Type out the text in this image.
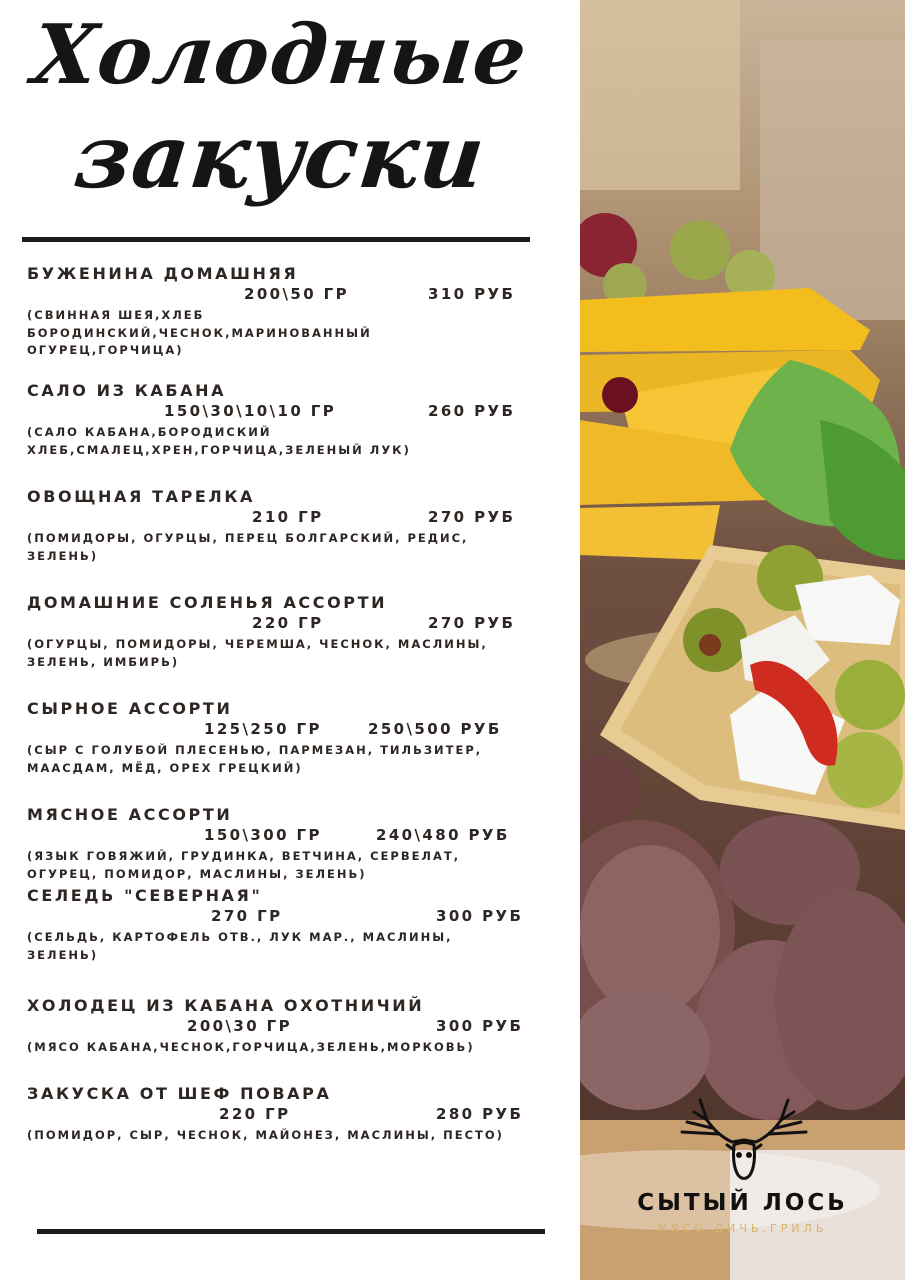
Холодные
закуски
БУЖЕНИНА ДОМАШНЯЯ
200\50 ГР	310 РУБ
(СВИННАЯ ШЕЯ,ХЛЕБ БОРОДИНСКИЙ,ЧЕСНОК,МАРИНОВАННЫЙ ОГУРЕЦ,ГОРЧИЦА)
САЛО ИЗ КАБАНА
150\30\10\10 ГР	260 РУБ
(САЛО КАБАНА,БОРОДИСКИЙ ХЛЕБ,СМАЛЕЦ,ХРЕН,ГОРЧИЦА,ЗЕЛЕНЫЙ ЛУК)
ОВОЩНАЯ ТАРЕЛКА
210 ГР	270 РУБ
(ПОМИДОРЫ, ОГУРЦЫ, ПЕРЕЦ БОЛГАРСКИЙ, РЕДИС, ЗЕЛЕНЬ)
ДОМАШНИЕ СОЛЕНЬЯ АССОРТИ
220 ГР	270 РУБ
(ОГУРЦЫ, ПОМИДОРЫ, ЧЕРЕМША, ЧЕСНОК, МАСЛИНЫ, ЗЕЛЕНЬ, ИМБИРЬ)
СЫРНОЕ АССОРТИ
125\250 ГР	250\500 РУБ
(СЫР С ГОЛУБОЙ ПЛЕСЕНЬЮ, ПАРМЕЗАН, ТИЛЬЗИТЕР, МААСДАМ, МЁД, ОРЕХ ГРЕЦКИЙ)
МЯСНОЕ АССОРТИ
150\300 ГР	240\480 РУБ
(ЯЗЫК ГОВЯЖИЙ, ГРУДИНКА, ВЕТЧИНА, СЕРВЕЛАТ, ОГУРЕЦ, ПОМИДОР, МАСЛИНЫ, ЗЕЛЕНЬ)
СЕЛЕДЬ "СЕВЕРНАЯ"
270 ГР	300 РУБ
(СЕЛЬДЬ, КАРТОФЕЛЬ ОТВ., ЛУК МАР., МАСЛИНЫ, ЗЕЛЕНЬ)
ХОЛОДЕЦ ИЗ КАБАНА ОХОТНИЧИЙ
200\30 ГР	300 РУБ
(МЯСО КАБАНА,ЧЕСНОК,ГОРЧИЦА,ЗЕЛЕНЬ,МОРКОВЬ)
ЗАКУСКА ОТ ШЕФ ПОВАРА
220 ГР	280 РУБ
(ПОМИДОР, СЫР, ЧЕСНОК, МАЙОНЕЗ, МАСЛИНЫ, ПЕСТО)
СЫТЫЙ ЛОСЬ
МЯСО.ДИЧЬ.ГРИЛЬ
